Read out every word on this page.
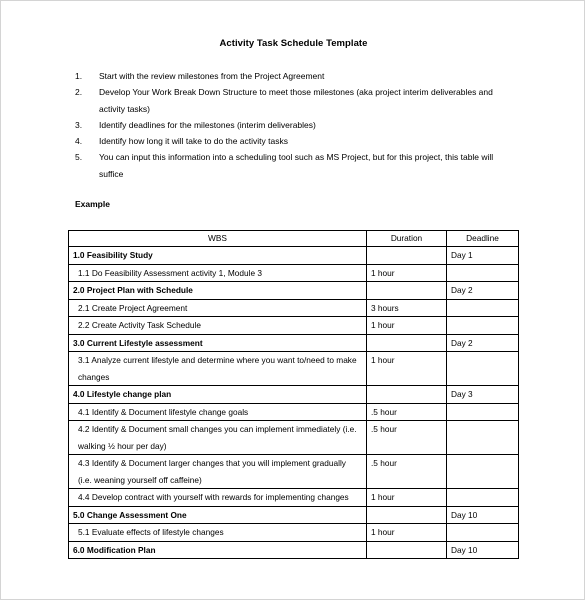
Activity Task Schedule Template
1. Start with the review milestones from the Project Agreement
2. Develop Your Work Break Down Structure to meet those milestones (aka project interim deliverables and activity tasks)
3. Identify deadlines for the milestones (interim deliverables)
4. Identify how long it will take to do the activity tasks
5. You can input this information into a scheduling tool such as MS Project, but for this project, this table will suffice
Example
WBS	Duration	Deadline
1.0 Feasibility Study		Day 1
1.1 Do Feasibility Assessment activity 1, Module 3	1 hour	
2.0 Project Plan with Schedule		Day 2
2.1 Create Project Agreement	3 hours	
2.2 Create Activity Task Schedule	1 hour	
3.0 Current Lifestyle assessment		Day 2
3.1 Analyze current lifestyle and determine where you want to/need to make changes	1 hour	
4.0 Lifestyle change plan		Day 3
4.1 Identify & Document lifestyle change goals	.5 hour	
4.2 Identify & Document small changes you can implement immediately (i.e. walking ½ hour per day)	.5 hour	
4.3 Identify & Document larger changes that you will implement gradually (i.e. weaning yourself off caffeine)	.5 hour	
4.4 Develop contract with yourself with rewards for implementing changes	1 hour	
5.0 Change Assessment One		Day 10
5.1 Evaluate effects of lifestyle changes	1 hour	
6.0 Modification Plan		Day 10
